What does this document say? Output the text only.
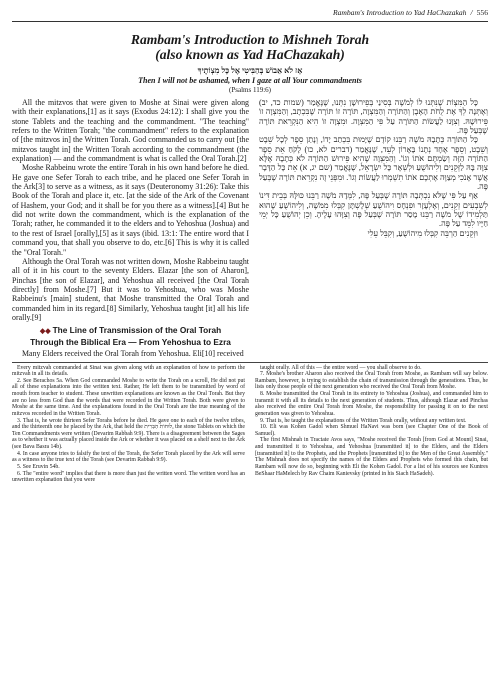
Rambam's Introduction to Yad HaChazakah / 556
Rambam's Introduction to Mishneh Torah
(also known as Yad HaChazakah)
אָז לֹא אֵבוֹשׁ בְּהַבִּיטִי אֶל כָּל מִצְוֹתֶיךָ
Then I will not be ashamed, when I gaze at all Your commandments
(Psalms 119:6)

All the mitzvos that were given to Moshe at Sinai were given along with their explanations,[1] as it says (Exodus 24:12): I shall give you the stone Tablets and the teaching and the commandment. "The teaching" refers to the Written Torah; "the commandment" refers to the explanation of [the mitzvos in] the Written Torah. God commanded us to carry out [the mitzvos taught in] the Written Torah according to the commandment (the explanation) — and the commandment is what is called the Oral Torah.[2]

Moshe Rabbeinu wrote the entire Torah in his own hand before he died. He gave one Sefer Torah to each tribe, and he placed one Sefer Torah in the Ark[3] to serve as a witness, as it says (Deuteronomy 31:26): Take this Book of the Torah and place it, etc. [at the side of the Ark of the Covenant of Hashem, your God; and it shall be for you there as a witness].[4] But he did not write down the commandment, which is the explanation of the Torah; rather, he commanded it to the elders and to Yehoshua (Joshua) and to the rest of Israel [orally],[5] as it says (ibid. 13:1: The entire word that I command you, that shall you observe to do, etc.[6] This is why it is called the "Oral Torah."

Although the Oral Torah was not written down, Moshe Rabbeinu taught all of it in his court to the seventy Elders. Elazar [the son of Aharon], Pinchas [the son of Elazar], and Yehoshua all received [the Oral Torah directly] from Moshe.[7] But it was to Yehoshua, who was Moshe Rabbeinu's [main] student, that Moshe transmitted the Oral Torah and commanded him in its regard.[8] Similarly, Yehoshua taught [it] all his life orally.[9]

◆◆ The Line of Transmission of the Oral Torah
Through the Biblical Era — From Yehoshua to Ezra

Many Elders received the Oral Torah from Yehoshua. Eli[10] received

כָּל הַמִּצְוֹת שֶׁנִּתְּנוּ לוֹ לְמֹשֶׁה בְּסִינַי בְּפֵירוּשָׁן נִתְּנוּ, שֶׁנֶּאֱמַר (שמות כד, יב) וְאֶתְּנָה לְךָ אֶת לֻחֹת הָאֶבֶן וְהַתּוֹרָה וְהַמִּצְוָה, תּוֹרָה זוֹ תּוֹרָה שֶׁבִּכְתָב, וְהַמִּצְוָה זוֹ פֵּירוּשָׁהּ. וְצִוָּנוּ לַעֲשׂוֹת הַתּוֹרָה עַל פִּי הַמִּצְוָה. וּמִצְוָה זוֹ הִיא הַנִּקְרֵאת תּוֹרָה שֶׁבְּעַל פֶּה.

כָּל הַתּוֹרָה כְּתָבָהּ מֹשֶׁה רַבֵּנוּ קוֹדֶם שֶׁיָּמוּת בִּכְתַב יָדוֹ, וְנָתַן סֵפֶר לְכָל שֵׁבֶט וְשֵׁבֶט, וְסֵפֶר אֶחָד נְתָנוֹ בָּאָרוֹן לְעֵד, שֶׁנֶּאֱמַר (דברים לא, כו) לָקֹחַ אֵת סֵפֶר הַתּוֹרָה הַזֶּה וְשַׂמְתֶּם אֹתוֹ וְגוֹ'. וְהַמִּצְוָה שֶׁהִיא פֵּירוּשׁ הַתּוֹרָה לֹא כְּתָבָהּ אֶלָּא צִוָּה בָּהּ לַזְּקֵנִים וְלִיהוֹשֻׁעַ וּלְשְׁאָר כָּל יִשְׂרָאֵל, שֶׁנֶּאֱמַר (שם יג, א) אֵת כָּל הַדָּבָר אֲשֶׁר אָנֹכִי מְצַוֶּה אֶתְכֶם אֹתוֹ תִשְׁמְרוּ לַעֲשׂוֹת וְגוֹ'. וּמִפְּנֵי זֶה נִקְרֵאת תּוֹרָה שֶׁבְּעַל פֶּה.

אַף עַל פִּי שֶׁלֹּא נִכְתְּבָה תּוֹרָה שֶׁבְּעַל פֶּה, לִמְּדָהּ מֹשֶׁה רַבֵּנוּ כּוּלָּהּ בְּבֵית דִּינוֹ לְשִׁבְעִים זְקֵנִים, וְאֶלְעָזָר וּפִנְחָס וִיהוֹשֻׁעַ שְׁלָשְׁתָּן קִבְּלוּ מִמֹּשֶׁה, וְלִיהוֹשֻׁעַ שֶׁהוּא תַּלְמִידוֹ שֶׁל מֹשֶׁה רַבֵּנוּ מָסַר תּוֹרָה שֶׁבְּעַל פֶּה וְצִוָּהוּ עָלֶיהָ. וְכֵן יְהוֹשֻׁעַ כָּל יְמֵי חַיָּיו לִמֵּד עַל פֶּה.

וּזְקֵנִים הַרְבֵּה קִבְּלוּ מִיהוֹשֻׁעַ, וְקִבֵּל עֵלִי

Every mitzvah commanded at Sinai was given along with an explanation of how to perform the mitzvah in all its details.

2. See Berachos 5a. When God commanded Moshe to write the Torah on a scroll, He did not put all of these explanations into the written text. Rather, He left them to be transmitted by word of mouth from teacher to student. These unwritten explanations are known as the Oral Torah. But they are no less from God than the words that were recorded in the Written Torah. Both were given to Moshe at the same time. And the explanations found in the Oral Torah are the true meaning of the mitzvos recorded in the Written Torah.

3. That is, he wrote thirteen Sefer Torahs before he died. He gave one to each of the twelve tribes, and the thirteenth one he placed by the Ark, that held the לוּחוֹת הַבְּרִית, the stone Tablets on which the Ten Commandments were written (Devarim Rabbah 9:9). There is a disagreement between the Sages as to whether it was actually placed inside the Ark or whether it was placed on a shelf next to the Ark (see Bava Basra 14b).

4. In case anyone tries to falsify the text of the Torah, the Sefer Torah placed by the Ark will serve as a witness to the true text of the Torah (see Devarim Rabbah 9:9).

5. See Eruvin 54b.

6. The "entire word" implies that there is more than just the written word. The written word has an unwritten explanation that you were

taught orally. All of this — the entire word — you shall observe to do.

7. Moshe's brother Aharon also received the Oral Torah from Moshe, as Rambam will say below. Rambam, however, is trying to establish the chain of transmission through the generations. Thus, he lists only those people of the next generation who received the Oral Torah from Moshe.

8. Moshe transmitted the Oral Torah in its entirety to Yehoshua (Joshua), and commanded him to transmit it with all its details to the next generation of students. Thus, although Elazar and Pinchas also received the entire Oral Torah from Moshe, the responsibility for passing it on to the next generation was given to Yehoshua.

9. That is, he taught the explanations of the Written Torah orally, without any written text.

10. Eli was Kohen Gadol when Shmuel HaNavi was born (see Chapter One of the Book of Samuel).

The first Mishnah in Tractate Avos says, "Moshe received the Torah [from God at Mount] Sinai, and transmitted it to Yehoshua, and Yehoshua [transmitted it] to the Elders, and the Elders [transmitted it] to the Prophets, and the Prophets [transmitted it] to the Men of the Great Assembly." The Mishnah does not specify the names of the Elders and Prophets who formed this chain, but Rambam will now do so, beginning with Eli the Kohen Gadol. For a list of his sources see Kuntres BeShaar HaMelech by Rav Chaim Kanievsky (printed in his Siach HaSadeh).
